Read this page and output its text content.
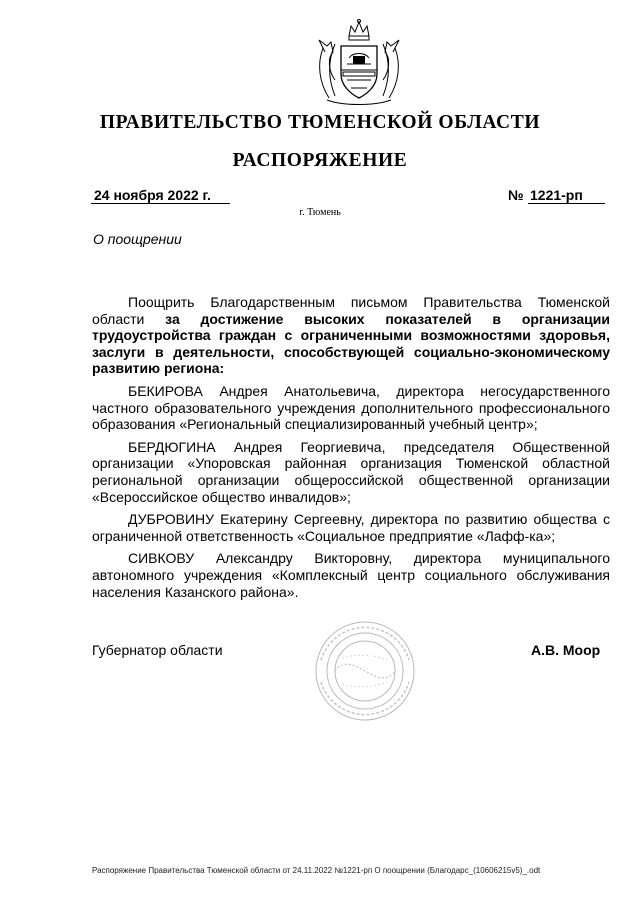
ПРАВИТЕЛЬСТВО ТЮМЕНСКОЙ ОБЛАСТИ
РАСПОРЯЖЕНИЕ
24 ноября 2022 г.	№ 1221-рп
г. Тюмень
О поощрении

Поощрить Благодарственным письмом Правительства Тюменской области за достижение высоких показателей в организации трудоустройства граждан с ограниченными возможностями здоровья, заслуги в деятельности, способствующей социально-экономическому развитию региона:

БЕКИРОВА Андрея Анатольевича, директора негосударственного частного образовательного учреждения дополнительного профессионального образования «Региональный специализированный учебный центр»;

БЕРДЮГИНА Андрея Георгиевича, председателя Общественной организации «Упоровская районная организация Тюменской областной региональной организации общероссийской общественной организации «Всероссийское общество инвалидов»;

ДУБРОВИНУ Екатерину Сергеевну, директора по развитию общества с ограниченной ответственность «Социальное предприятие «Лафф-ка»;

СИВКОВУ Александру Викторовну, директора муниципального автономного учреждения «Комплексный центр социального обслуживания населения Казанского района».

Губернатор области	А.В. Моор
Распоряжение Правительства Тюменской области от 24.11.2022 №1221-рп О поощрении (Благодарс_(10606215v5)_.odt
